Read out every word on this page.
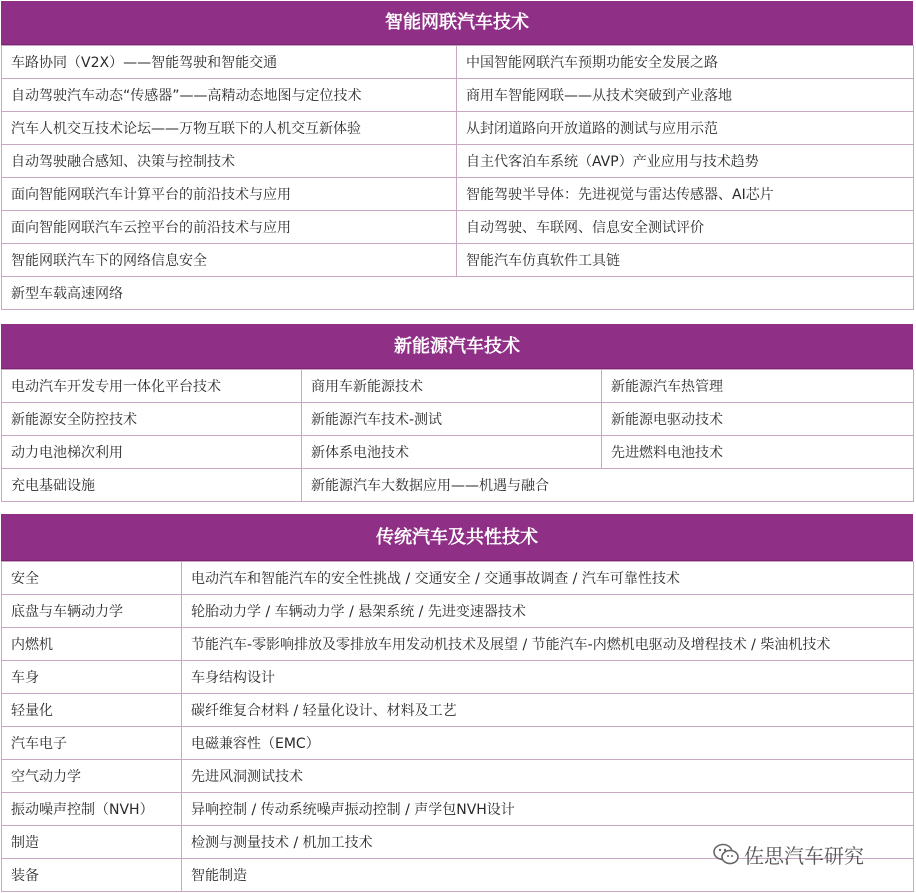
智能网联汽车技术
车路协同（V2X）——智能驾驶和智能交通	中国智能网联汽车预期功能安全发展之路
自动驾驶汽车动态“传感器”——高精动态地图与定位技术	商用车智能网联——从技术突破到产业落地
汽车人机交互技术论坛——万物互联下的人机交互新体验	从封闭道路向开放道路的测试与应用示范
自动驾驶融合感知、决策与控制技术	自主代客泊车系统（AVP）产业应用与技术趋势
面向智能网联汽车计算平台的前沿技术与应用	智能驾驶半导体：先进视觉与雷达传感器、AI芯片
面向智能网联汽车云控平台的前沿技术与应用	自动驾驶、车联网、信息安全测试评价
智能网联汽车下的网络信息安全	智能汽车仿真软件工具链
新型车载高速网络	
新能源汽车技术
电动汽车开发专用一体化平台技术	商用车新能源技术	新能源汽车热管理
新能源安全防控技术	新能源汽车技术-测试	新能源电驱动技术
动力电池梯次利用	新体系电池技术	先进燃料电池技术
充电基础设施	新能源汽车大数据应用——机遇与融合	
传统汽车及共性技术
安全	电动汽车和智能汽车的安全性挑战 / 交通安全 / 交通事故调查 / 汽车可靠性技术
底盘与车辆动力学	轮胎动力学 / 车辆动力学 / 悬架系统 / 先进变速器技术
内燃机	节能汽车-零影响排放及零排放车用发动机技术及展望 / 节能汽车-内燃机电驱动及增程技术 / 柴油机技术
车身	车身结构设计
轻量化	碳纤维复合材料 / 轻量化设计、材料及工艺
汽车电子	电磁兼容性（EMC）
空气动力学	先进风洞测试技术
振动噪声控制（NVH）	异响控制 / 传动系统噪声振动控制 / 声学包NVH设计
制造	检测与测量技术 / 机加工技术
装备	智能制造
佐思汽车研究
